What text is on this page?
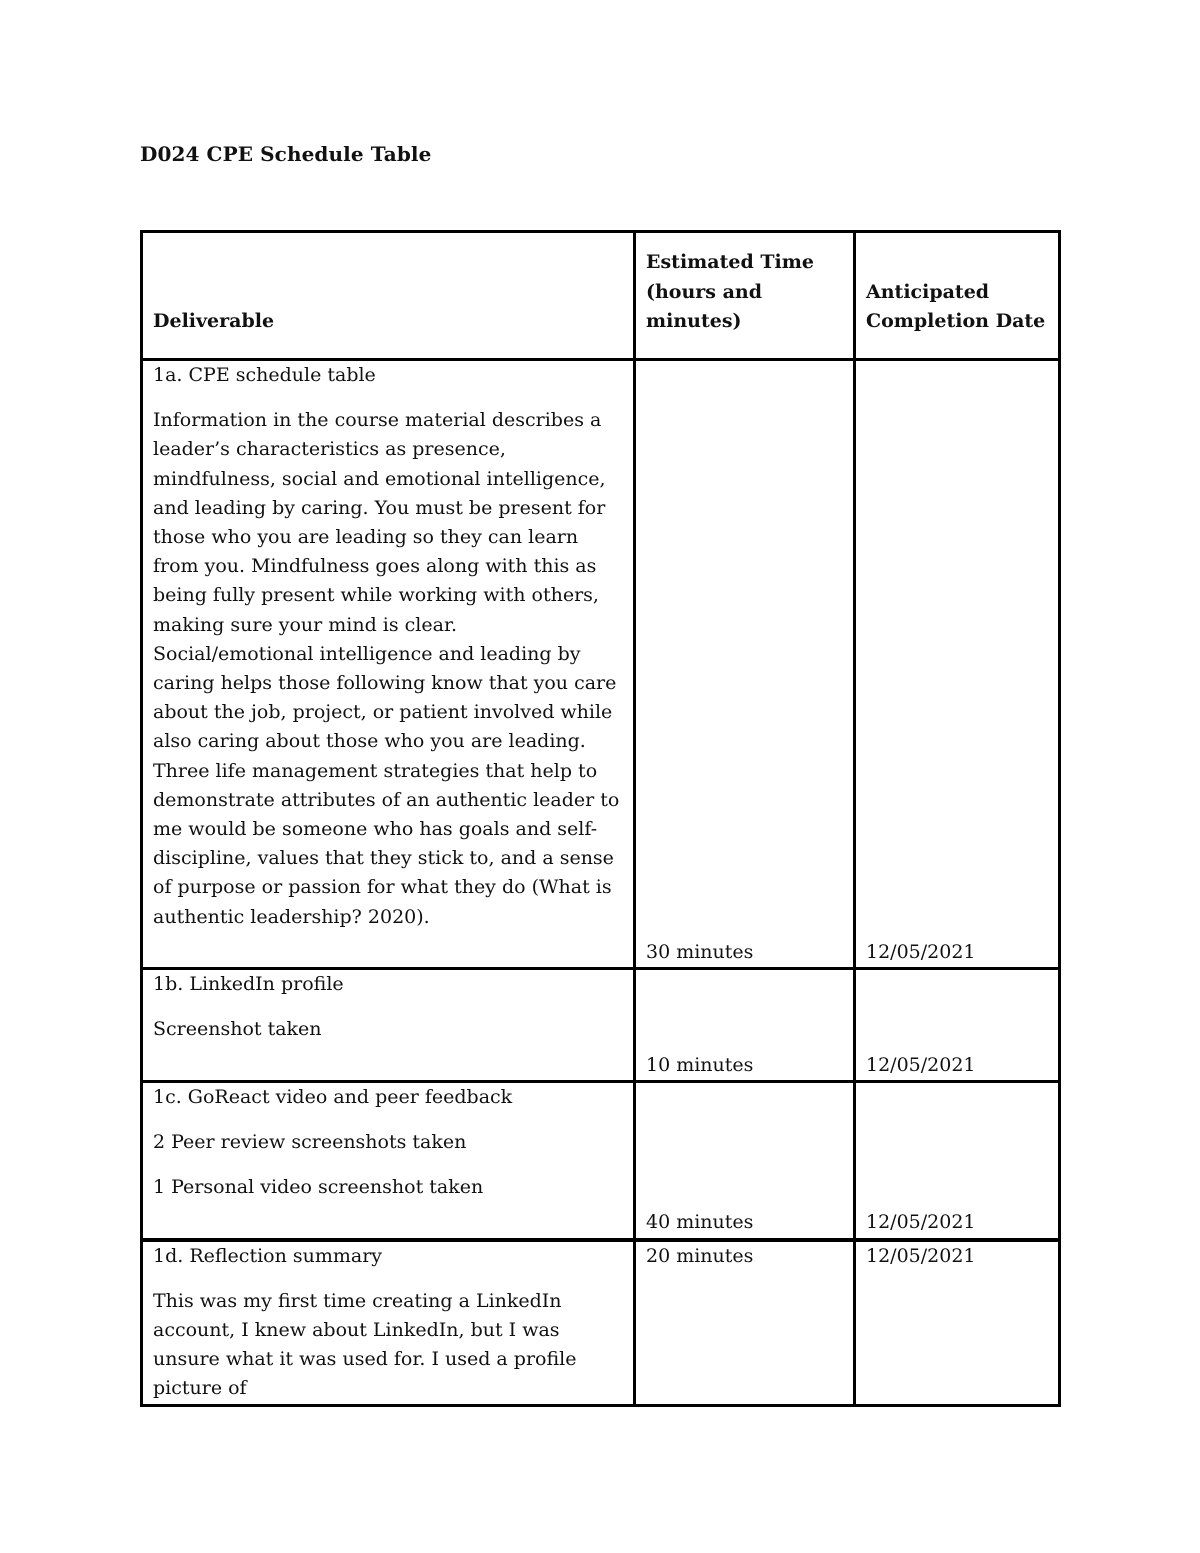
D024 CPE Schedule Table
Deliverable	Estimated Time (hours and minutes)	Anticipated Completion Date

1a. CPE schedule table
Information in the course material describes a leader’s characteristics as presence, mindfulness, social and emotional intelligence, and leading by caring. You must be present for those who you are leading so they can learn from you. Mindfulness goes along with this as being fully present while working with others, making sure your mind is clear. Social/emotional intelligence and leading by caring helps those following know that you care about the job, project, or patient involved while also caring about those who you are leading. Three life management strategies that help to demonstrate attributes of an authentic leader to me would be someone who has goals and self-discipline, values that they stick to, and a sense of purpose or passion for what they do (What is authentic leadership? 2020).	30 minutes	12/05/2021

1b. LinkedIn profile
Screenshot taken	10 minutes	12/05/2021

1c. GoReact video and peer feedback
2 Peer review screenshots taken
1 Personal video screenshot taken	40 minutes	12/05/2021

1d. Reflection summary
This was my first time creating a LinkedIn account, I knew about LinkedIn, but I was unsure what it was used for. I used a profile picture of	20 minutes	12/05/2021
